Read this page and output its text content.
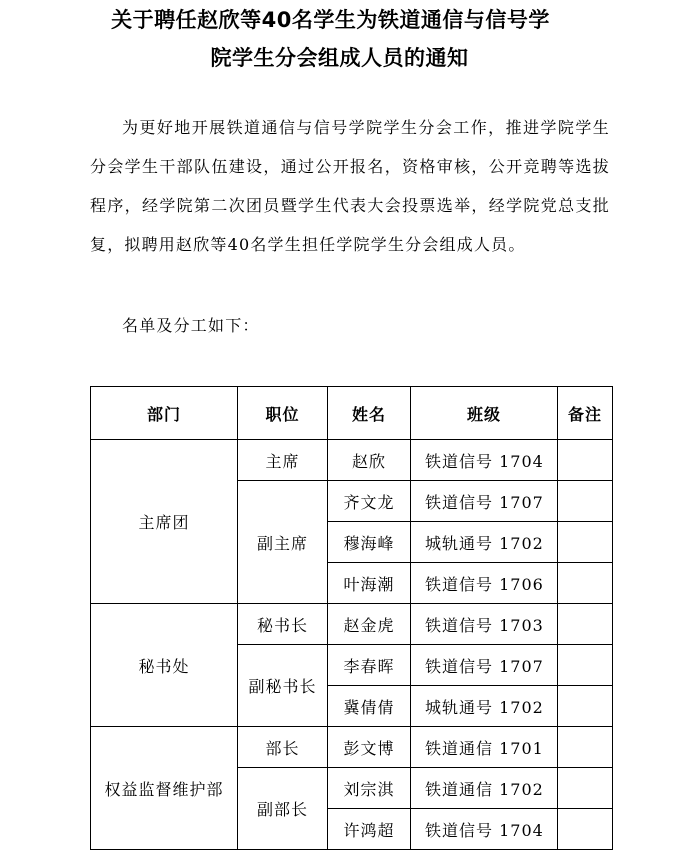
关于聘任赵欣等40名学生为铁道通信与信号学
院学生分会组成人员的通知

为更好地开展铁道通信与信号学院学生分会工作，推进学院学生分会学生干部队伍建设，通过公开报名，资格审核，公开竞聘等选拔程序，经学院第二次团员暨学生代表大会投票选举，经学院党总支批复，拟聘用赵欣等40名学生担任学院学生分会组成人员。

名单及分工如下：

部门	职位	姓名	班级	备注
主席团	主席	赵欣	铁道信号 1704	
	副主席	齐文龙	铁道信号 1707	
		穆海峰	城轨通号 1702	
		叶海潮	铁道信号 1706	
秘书处	秘书长	赵金虎	铁道信号 1703	
	副秘书长	李春晖	铁道信号 1707	
		冀倩倩	城轨通号 1702	
权益监督维护部	部长	彭文博	铁道通信 1701	
	副部长	刘宗淇	铁道通信 1702	
		许鸿超	铁道信号 1704	
